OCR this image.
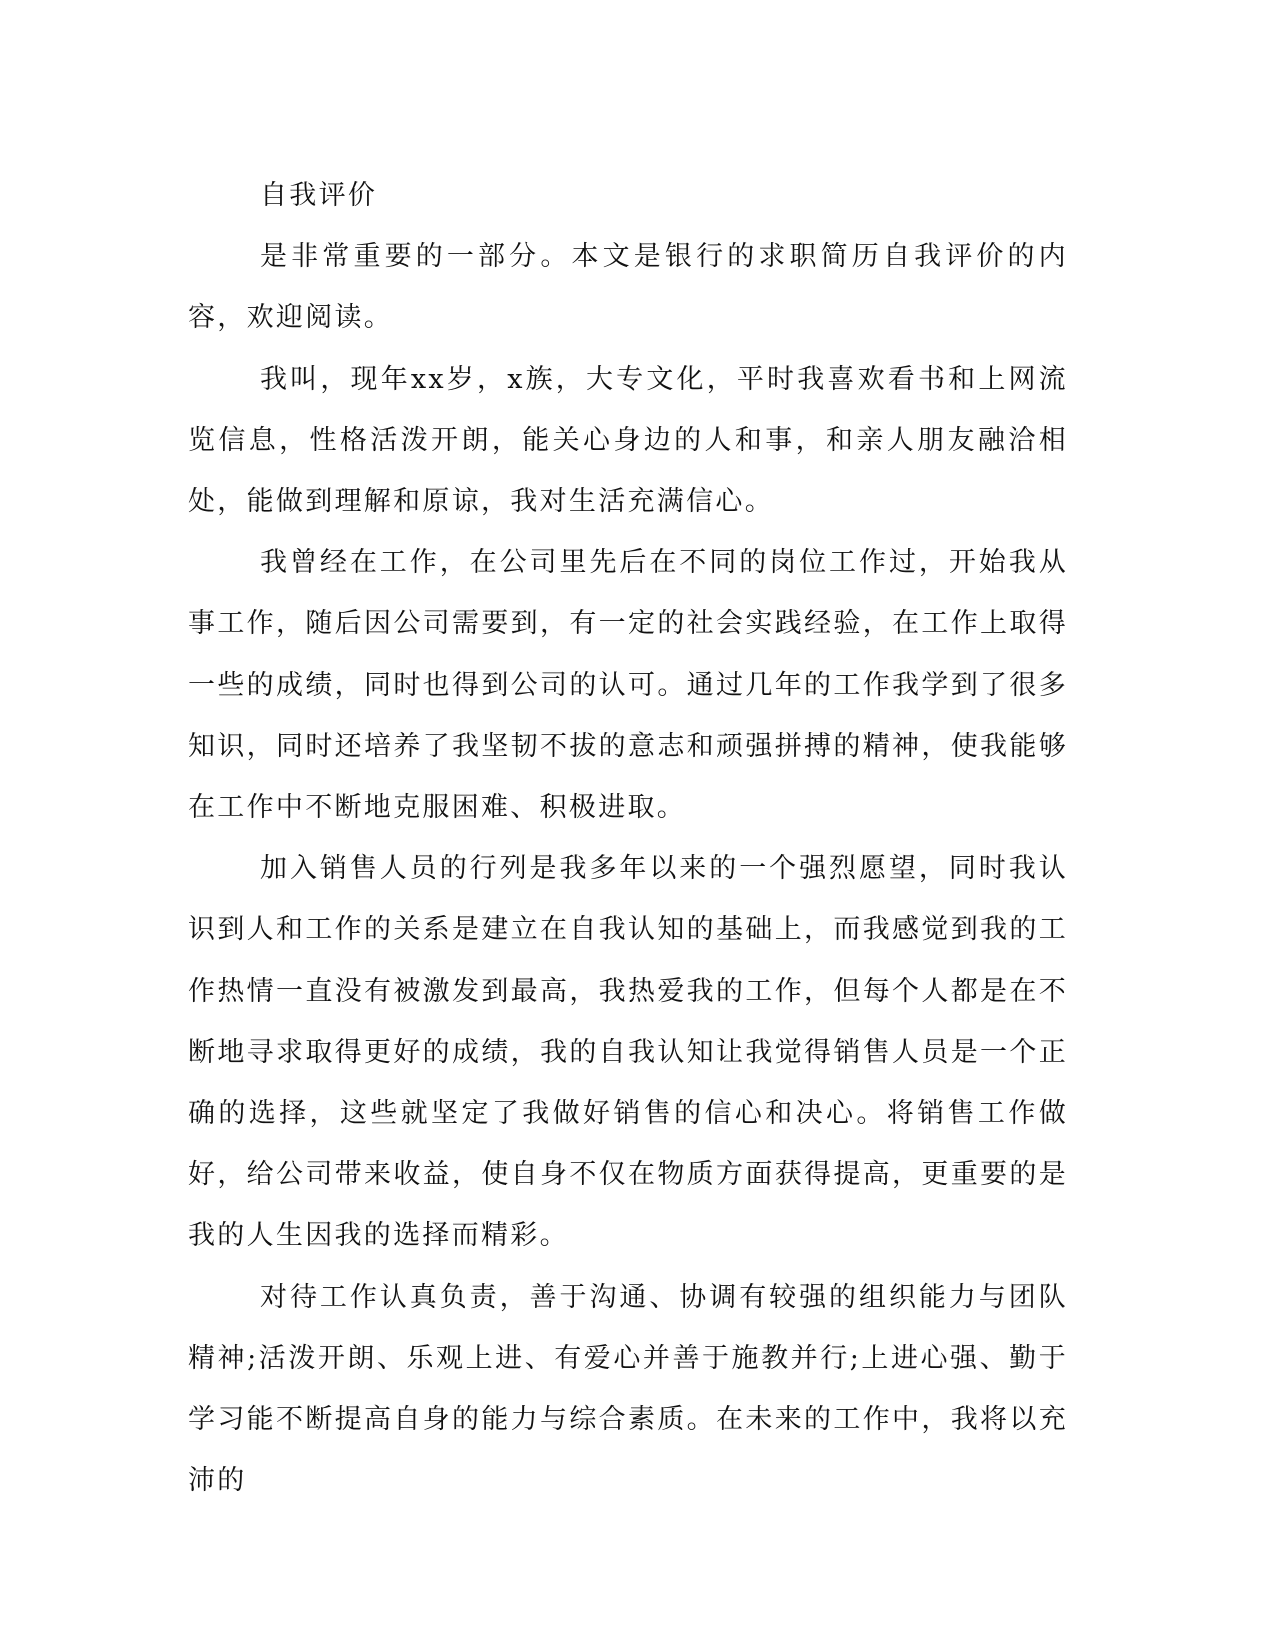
自我评价

是非常重要的一部分。本文是银行的求职简历自我评价的内容，欢迎阅读。

我叫，现年xx岁，x族，大专文化，平时我喜欢看书和上网流览信息，性格活泼开朗，能关心身边的人和事，和亲人朋友融洽相处，能做到理解和原谅，我对生活充满信心。

我曾经在工作，在公司里先后在不同的岗位工作过，开始我从事工作，随后因公司需要到，有一定的社会实践经验，在工作上取得一些的成绩，同时也得到公司的认可。通过几年的工作我学到了很多知识，同时还培养了我坚韧不拔的意志和顽强拼搏的精神，使我能够在工作中不断地克服困难、积极进取。

加入销售人员的行列是我多年以来的一个强烈愿望，同时我认识到人和工作的关系是建立在自我认知的基础上，而我感觉到我的工作热情一直没有被激发到最高，我热爱我的工作，但每个人都是在不断地寻求取得更好的成绩，我的自我认知让我觉得销售人员是一个正确的选择，这些就坚定了我做好销售的信心和决心。将销售工作做好，给公司带来收益，使自身不仅在物质方面获得提高，更重要的是我的人生因我的选择而精彩。

对待工作认真负责，善于沟通、协调有较强的组织能力与团队精神;活泼开朗、乐观上进、有爱心并善于施教并行;上进心强、勤于学习能不断提高自身的能力与综合素质。在未来的工作中，我将以充沛的
